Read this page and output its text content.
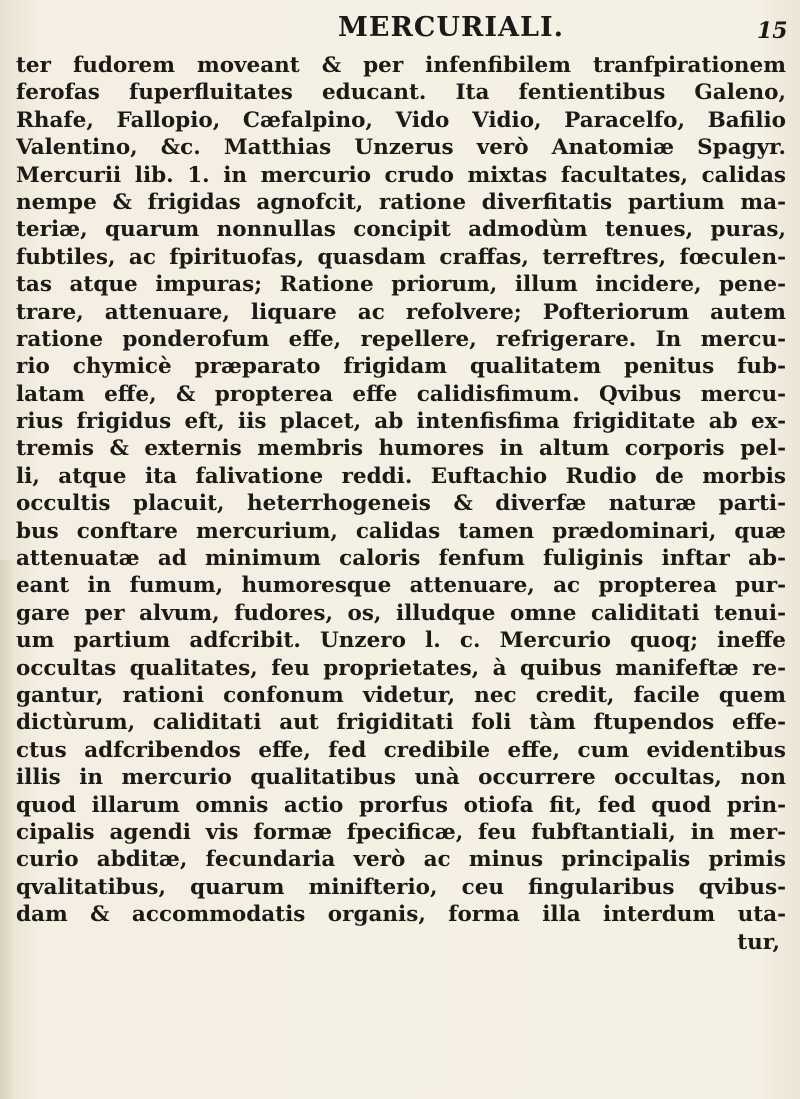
MERCURIALI.	15
ter fudorem moveant & per infenfibilem tranfpirationem
ferofas fuperfluitates educant. Ita fentientibus Galeno,
Rhafe, Fallopio, Cæfalpino, Vido Vidio, Paracelfo, Bafilio
Valentino, &c. Matthias Unzerus verò Anatomiæ Spagyr.
Mercurii lib. 1. in mercurio crudo mixtas facultates, calidas
nempe & frigidas agnofcit, ratione diverfitatis partium ma-
teriæ, quarum nonnullas concipit admodùm tenues, puras,
fubtiles, ac fpirituofas, quasdam craffas, terreftres, fœculen-
tas atque impuras; Ratione priorum, illum incidere, pene-
trare, attenuare, liquare ac refolvere; Pofteriorum autem
ratione ponderofum effe, repellere, refrigerare. In mercu-
rio chymicè præparato frigidam qualitatem penitus fub-
latam effe, & propterea effe calidisfimum. Qvibus mercu-
rius frigidus eft, iis placet, ab intenfisfima frigiditate ab ex-
tremis & externis membris humores in altum corporis pel-
li, atque ita falivatione reddi. Euftachio Rudio de morbis
occultis placuit, heterrhogeneis & diverfæ naturæ parti-
bus conftare mercurium, calidas tamen prædominari, quæ
attenuatæ ad minimum caloris fenfum fuliginis inftar ab-
eant in fumum, humoresque attenuare, ac propterea pur-
gare per alvum, fudores, os, illudque omne caliditati tenui-
um partium adfcribit. Unzero l. c. Mercurio quoq; ineffe
occultas qualitates, feu proprietates, à quibus manifeftæ re-
gantur, rationi confonum videtur, nec credit, facile quem
dictùrum, caliditati aut frigiditati foli tàm ftupendos effe-
ctus adfcribendos effe, fed credibile effe, cum evidentibus
illis in mercurio qualitatibus unà occurrere occultas, non
quod illarum omnis actio prorfus otiofa fit, fed quod prin-
cipalis agendi vis formæ fpecificæ, feu fubftantiali, in mer-
curio abditæ, fecundaria verò ac minus principalis primis
qvalitatibus, quarum minifterio, ceu fingularibus qvibus-
dam & accommodatis organis, forma illa interdum uta-
tur,
